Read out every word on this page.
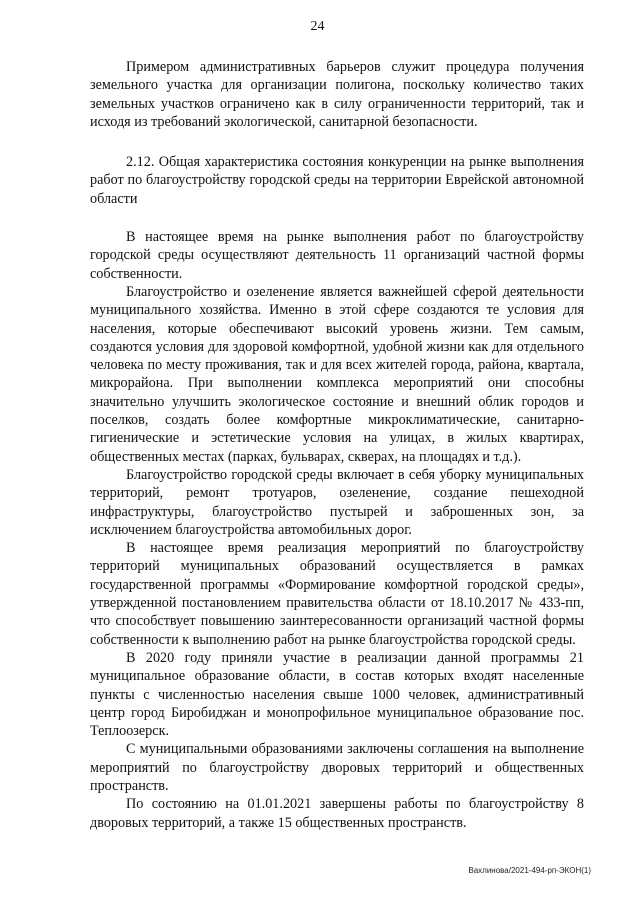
24

Примером административных барьеров служит процедура получения земельного участка для организации полигона, поскольку количество таких земельных участков ограничено как в силу ограниченности территорий, так и исходя из требований экологической, санитарной безопасности.

2.12. Общая характеристика состояния конкуренции на рынке выполнения работ по благоустройству городской среды на территории Еврейской автономной области

В настоящее время на рынке выполнения работ по благоустройству городской среды осуществляют деятельность 11 организаций частной формы собственности.

Благоустройство и озеленение является важнейшей сферой деятельности муниципального хозяйства. Именно в этой сфере создаются те условия для населения, которые обеспечивают высокий уровень жизни. Тем самым, создаются условия для здоровой комфортной, удобной жизни как для отдельного человека по месту проживания, так и для всех жителей города, района, квартала, микрорайона. При выполнении комплекса мероприятий они способны значительно улучшить экологическое состояние и внешний облик городов и поселков, создать более комфортные микроклиматические, санитарно-гигиенические и эстетические условия на улицах, в жилых квартирах, общественных местах (парках, бульварах, скверах, на площадях и т.д.).

Благоустройство городской среды включает в себя уборку муниципальных территорий, ремонт тротуаров, озеленение, создание пешеходной инфраструктуры, благоустройство пустырей и заброшенных зон, за исключением благоустройства автомобильных дорог.

В настоящее время реализация мероприятий по благоустройству территорий муниципальных образований осуществляется в рамках государственной программы «Формирование комфортной городской среды», утвержденной постановлением правительства области от 18.10.2017 № 433-пп, что способствует повышению заинтересованности организаций частной формы собственности к выполнению работ на рынке благоустройства городской среды.

В 2020 году приняли участие в реализации данной программы 21 муниципальное образование области, в состав которых входят населенные пункты с численностью населения свыше 1000 человек, административный центр город Биробиджан и монопрофильное муниципальное образование пос. Теплоозерск.

С муниципальными образованиями заключены соглашения на выполнение мероприятий по благоустройству дворовых территорий и общественных пространств.

По состоянию на 01.01.2021 завершены работы по благоустройству 8 дворовых территорий, а также 15 общественных пространств.

Вахлинова/2021-494-рп-ЭКОН(1)
